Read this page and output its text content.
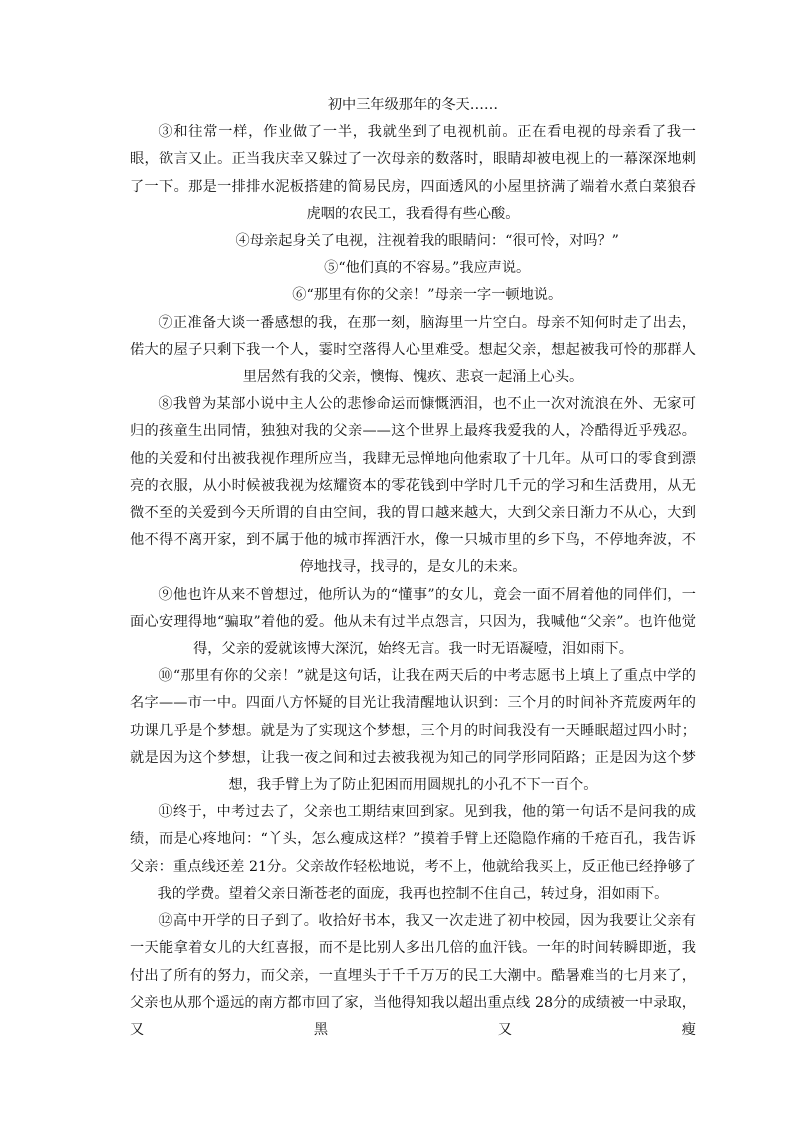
初中三年级那年的冬天……

③和往常一样，作业做了一半，我就坐到了电视机前。正在看电视的母亲看了我一眼，欲言又止。正当我庆幸又躲过了一次母亲的数落时，眼睛却被电视上的一幕深深地刺了一下。那是一排排水泥板搭建的简易民房，四面透风的小屋里挤满了端着水煮白菜狼吞虎咽的农民工，我看得有些心酸。

④母亲起身关了电视，注视着我的眼睛问：“很可怜，对吗？”

⑤“他们真的不容易。”我应声说。

⑥“那里有你的父亲！”母亲一字一顿地说。

⑦正准备大谈一番感想的我，在那一刻，脑海里一片空白。母亲不知何时走了出去，偌大的屋子只剩下我一个人，霎时空落得人心里难受。想起父亲，想起被我可怜的那群人里居然有我的父亲，懊悔、愧疚、悲哀一起涌上心头。

⑧我曾为某部小说中主人公的悲惨命运而慷慨洒泪，也不止一次对流浪在外、无家可归的孩童生出同情，独独对我的父亲——这个世界上最疼我爱我的人，冷酷得近乎残忍。他的关爱和付出被我视作理所应当，我肆无忌惮地向他索取了十几年。从可口的零食到漂亮的衣服，从小时候被我视为炫耀资本的零花钱到中学时几千元的学习和生活费用，从无微不至的关爱到今天所谓的自由空间，我的胃口越来越大，大到父亲日渐力不从心，大到他不得不离开家，到不属于他的城市挥洒汗水，像一只城市里的乡下鸟，不停地奔波，不停地找寻，找寻的，是女儿的未来。

⑨他也许从来不曾想过，他所认为的“懂事”的女儿，竟会一面不屑着他的同伴们，一面心安理得地“骗取”着他的爱。他从未有过半点怨言，只因为，我喊他“父亲”。也许他觉得，父亲的爱就该博大深沉，始终无言。我一时无语凝噎，泪如雨下。

⑩“那里有你的父亲！”就是这句话，让我在两天后的中考志愿书上填上了重点中学的名字——市一中。四面八方怀疑的目光让我清醒地认识到：三个月的时间补齐荒废两年的功课几乎是个梦想。就是为了实现这个梦想，三个月的时间我没有一天睡眠超过四小时；就是因为这个梦想，让我一夜之间和过去被我视为知己的同学形同陌路；正是因为这个梦想，我手臂上为了防止犯困而用圆规扎的小孔不下一百个。

⑪终于，中考过去了，父亲也工期结束回到家。见到我，他的第一句话不是问我的成绩，而是心疼地问：“丫头，怎么瘦成这样？”摸着手臂上还隐隐作痛的千疮百孔，我告诉父亲：重点线还差 21分。父亲故作轻松地说，考不上，他就给我买上，反正他已经挣够了我的学费。望着父亲日渐苍老的面庞，我再也控制不住自己，转过身，泪如雨下。

⑫高中开学的日子到了。收拾好书本，我又一次走进了初中校园，因为我要让父亲有一天能拿着女儿的大红喜报，而不是比别人多出几倍的血汗钱。一年的时间转瞬即逝，我付出了所有的努力，而父亲，一直埋头于千千万万的民工大潮中。酷暑难当的七月来了，父亲也从那个遥远的南方都市回了家，当他得知我以超出重点线 28分的成绩被一中录取，又黑又瘦
